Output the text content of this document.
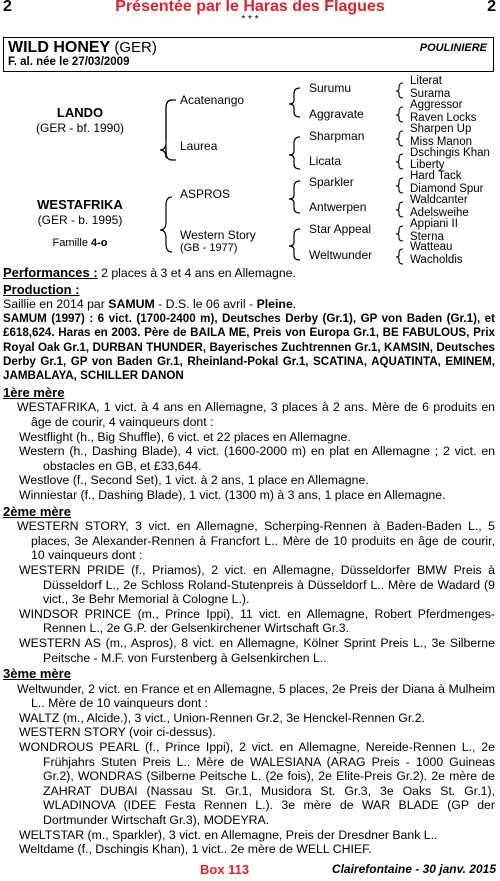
2	Présentée par le Haras des Flagues
* * *
2
WILD HONEY (GER)	POULINIERE
F. al. née le 27/03/2009
LANDO
(GER - bf. 1990)
WESTAFRIKA
(GER - b. 1995)
Famille 4-o
Acatenango
Laurea
ASPROS
Western Story
(GB - 1977)
Surumu
Aggravate
Sharpman
Licata
Sparkler
Antwerpen
Star Appeal
Weltwunder
Literat
Surama
Aggressor
Raven Locks
Sharpen Up
Miss Manon
Dschingis Khan
Liberty
Hard Tack
Diamond Spur
Waldcanter
Adelsweihe
Appiani II
Sterna
Watteau
Wacholdis

Performances : 2 places à 3 et 4 ans en Allemagne.

Production :

Saillie en 2014 par SAMUM - D.S. le 06 avril - Pleine.

SAMUM (1997) : 6 vict. (1700-2400 m), Deutsches Derby (Gr.1), GP von Baden (Gr.1), et £618,624. Haras en 2003. Père de BAILA ME, Preis von Europa Gr.1, BE FABULOUS, Prix Royal Oak Gr.1, DURBAN THUNDER, Bayerisches Zuchtrennen Gr.1, KAMSIN, Deutsches Derby Gr.1, GP von Baden Gr.1, Rheinland-Pokal Gr.1, SCATINA, AQUATINTA, EMINEM, JAMBALAYA, SCHILLER DANON

1ère mère

WESTAFRIKA, 1 vict. à 4 ans en Allemagne, 3 places à 2 ans. Mère de 6 produits en âge de courir, 4 vainqueurs dont :

Westflight (h., Big Shuffle), 6 vict. et 22 places en Allemagne.

Western (h., Dashing Blade), 4 vict. (1600-2000 m) en plat en Allemagne ; 2 vict. en obstacles en GB, et £33,644.

Westlove (f., Second Set), 1 vict. à 2 ans, 1 place en Allemagne.

Winniestar (f., Dashing Blade), 1 vict. (1300 m) à 3 ans, 1 place en Allemagne.

2ème mère

WESTERN STORY, 3 vict. en Allemagne, Scherping-Rennen à Baden-Baden L., 5 places, 3e Alexander-Rennen à Francfort L.. Mère de 10 produits en âge de courir, 10 vainqueurs dont :

WESTERN PRIDE (f., Priamos), 2 vict. en Allemagne, Düsseldorfer BMW Preis à Düsseldorf L., 2e Schloss Roland-Stutenpreis à Düsseldorf L.. Mère de Wadard (9 vict., 3e Behr Memorial à Cologne L.).

WINDSOR PRINCE (m., Prince Ippi), 11 vict. en Allemagne, Robert Pferdmenges-Rennen L., 2e G.P. der Gelsenkirchener Wirtschaft Gr.3.

WESTERN AS (m., Aspros), 8 vict. en Allemagne, Kölner Sprint Preis L., 3e Silberne Peitsche - M.F. von Furstenberg à Gelsenkirchen L..

3ème mère

Weltwunder, 2 vict. en France et en Allemagne, 5 places, 2e Preis der Diana à Mulheim L.. Mère de 10 vainqueurs dont :

WALTZ (m., Alcide.), 3 vict., Union-Rennen Gr.2, 3e Henckel-Rennen Gr.2.

WESTERN STORY (voir ci-dessus).

WONDROUS PEARL (f., Prince Ippi), 2 vict. en Allemagne, Nereide-Rennen L., 2e Frühjahrs Stuten Preis L.. Mère de WALESIANA (ARAG Preis - 1000 Guineas Gr.2), WONDRAS (Silberne Peitsche L. (2e fois), 2e Elite-Preis Gr.2). 2e mère de ZAHRAT DUBAI (Nassau St. Gr.1, Musidora St. Gr.3, 3e Oaks St. Gr.1), WLADINOVA (IDEE Festa Rennen L.). 3e mère de WAR BLADE (GP der Dortmunder Wirtschaft Gr.3), MODEYRA.

WELTSTAR (m., Sparkler), 3 vict. en Allemagne, Preis der Dresdner Bank L..

Weltdame (f., Dschingis Khan), 1 vict.. 2e mère de WELL CHIEF.

Box 113	Clairefontaine - 30 janv. 2015
